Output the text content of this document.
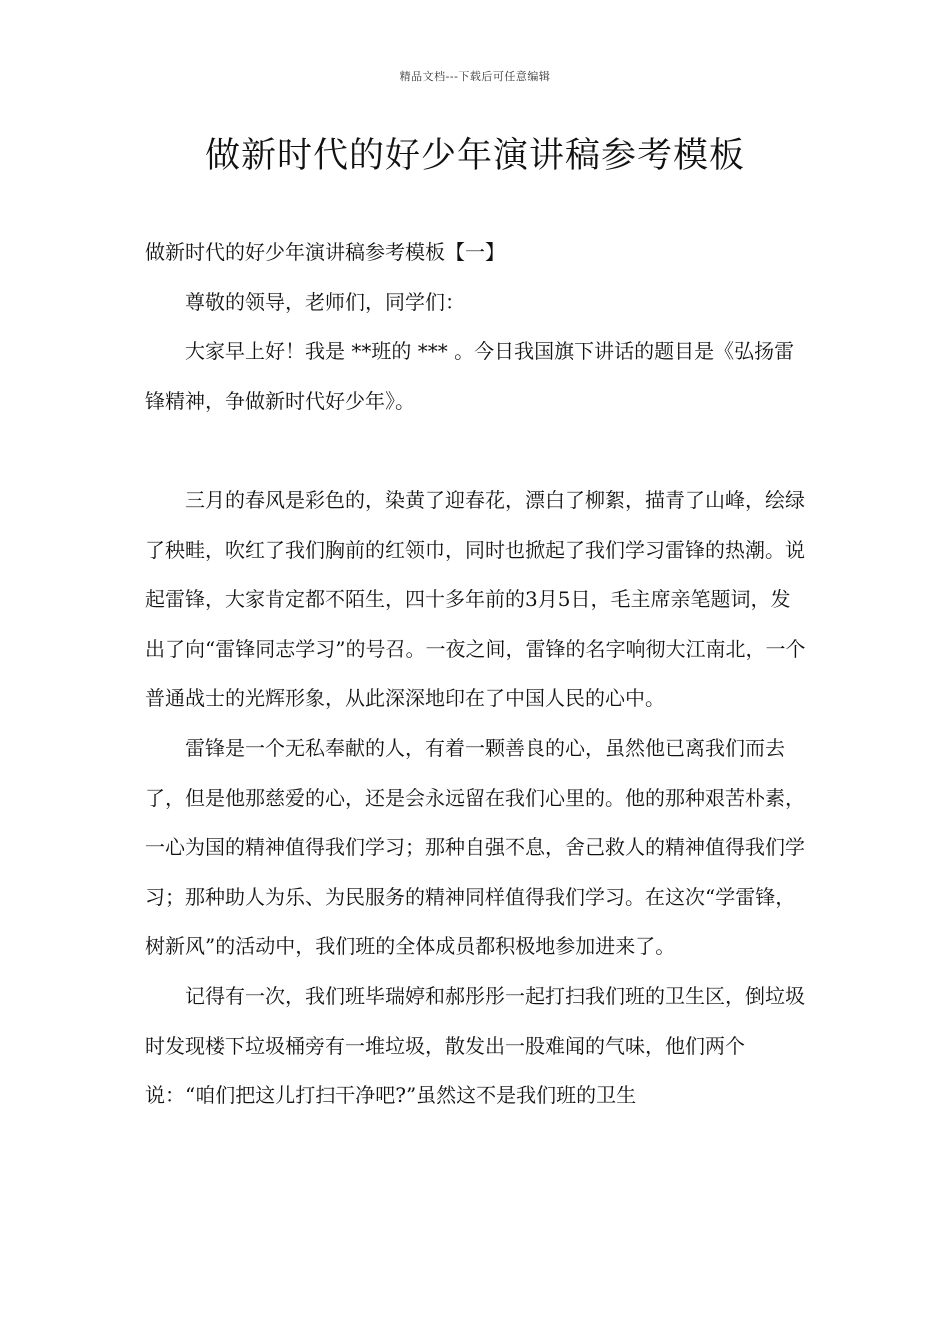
精品文档---下载后可任意编辑
做新时代的好少年演讲稿参考模板

做新时代的好少年演讲稿参考模板【一】

尊敬的领导，老师们，同学们：

大家早上好！我是 **班的 *** 。今日我国旗下讲话的题目是《弘扬雷锋精神，争做新时代好少年》。

三月的春风是彩色的，染黄了迎春花，漂白了柳絮，描青了山峰，绘绿了秧畦，吹红了我们胸前的红领巾，同时也掀起了我们学习雷锋的热潮。说起雷锋，大家肯定都不陌生，四十多年前的3月5日，毛主席亲笔题词，发出了向“雷锋同志学习”的号召。一夜之间，雷锋的名字响彻大江南北，一个普通战士的光辉形象，从此深深地印在了中国人民的心中。

雷锋是一个无私奉献的人，有着一颗善良的心，虽然他已离我们而去了，但是他那慈爱的心，还是会永远留在我们心里的。他的那种艰苦朴素，一心为国的精神值得我们学习；那种自强不息，舍己救人的精神值得我们学习；那种助人为乐、为民服务的精神同样值得我们学习。在这次“学雷锋，树新风”的活动中，我们班的全体成员都积极地参加进来了。

记得有一次，我们班毕瑞婷和郝彤彤一起打扫我们班的卫生区，倒垃圾时发现楼下垃圾桶旁有一堆垃圾，散发出一股难闻的气味，他们两个说：“咱们把这儿打扫干净吧?”虽然这不是我们班的卫生
